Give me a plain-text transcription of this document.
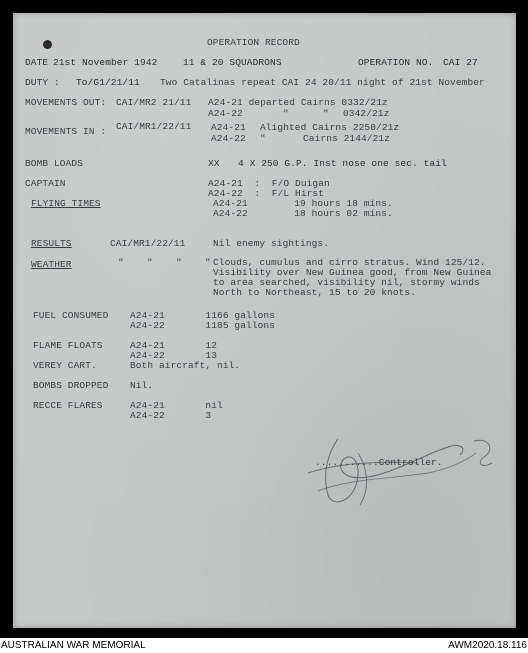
OPERATION RECORD
DATE 21st November 1942	11 & 20 SQUADRONS	OPERATION NO. CAI 27
DUTY : To/G1/21/11 Two Catalinas repeat CAI 24 20/11 night of 21st November
MOVEMENTS OUT: CAI/MR2 21/11 A24-21 departed Cairns 0332/21z
A24-22	"	" 0342/21z
MOVEMENTS IN : CAI/MR1/22/11 A24-21 Alighted Cairns 2250/21z
A24-22 "	Cairns 2144/21z
BOMB LOADS	XX 4 X 250 G.P. Inst nose one sec. tail
CAPTAIN	A24-21  :  F/O Duigan
A24-22  :  F/L Hirst
FLYING TIMES	A24-21        19 hours 18 mins.
A24-22        18 hours 02 mins.
RESULTS	CAI/MR1/22/11	Nil enemy sightings.
WEATHER	"    "    "    " Clouds, cumulus and cirro stratus. Wind 125/12.
Visibility over New Guinea good, from New Guinea
to area searched, visibility nil, stormy winds
North to Northeast, 15 to 20 knots.
FUEL CONSUMED A24-21       1166 gallons
A24-22       1185 gallons
FLAME FLOATS	A24-21       12
A24-22       13
VEREY CART.	Both aircraft, nil.
BOMBS DROPPED Nil.
RECCE FLARES	A24-21       nil
A24-22       3
...........Controller.
AUSTRALIAN WAR MEMORIAL	AWM2020.18.116
